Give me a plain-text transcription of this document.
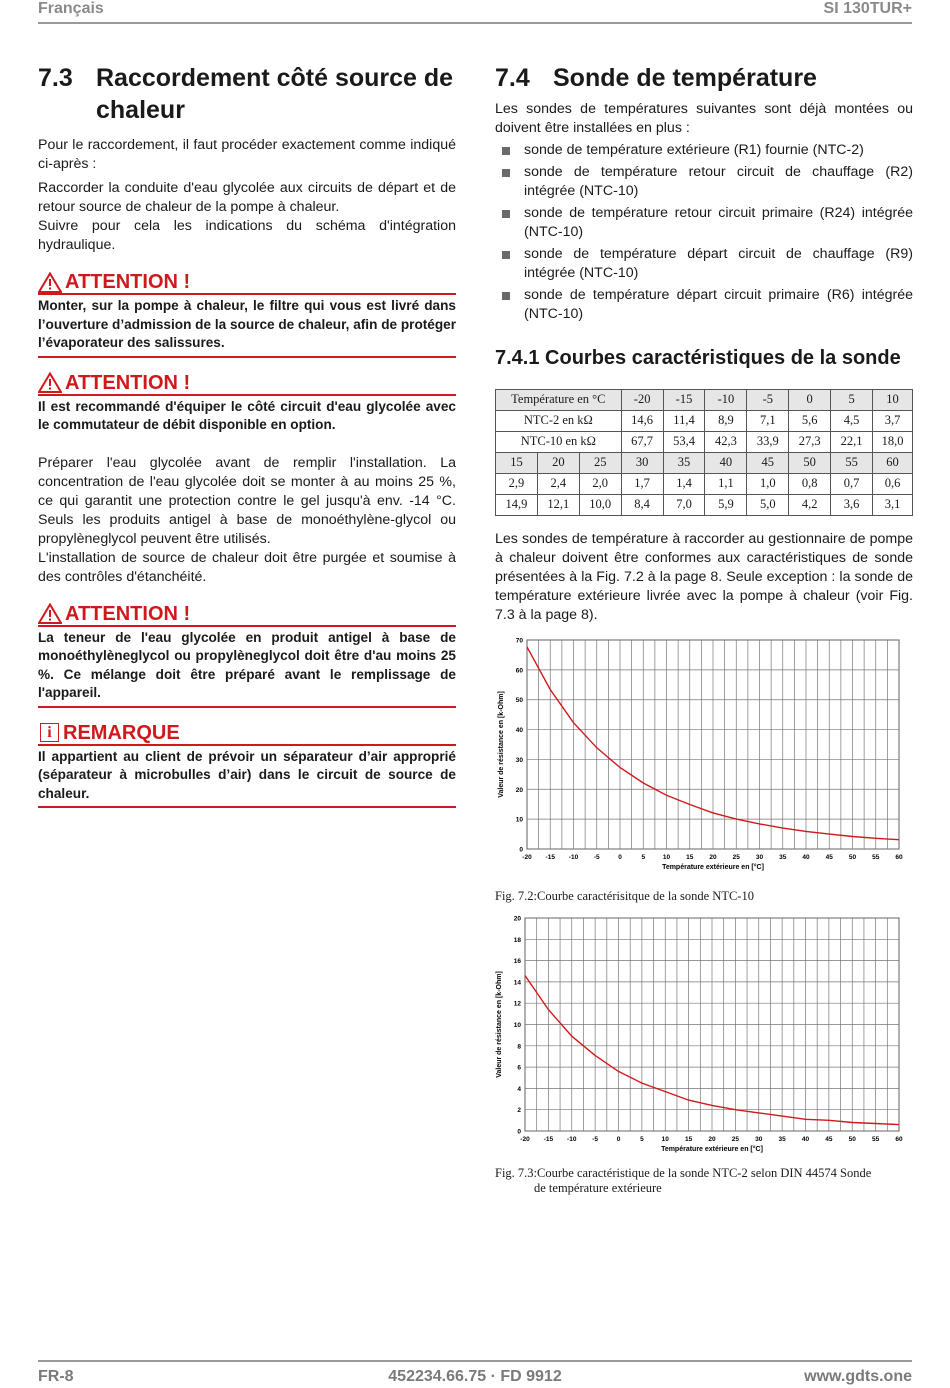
Français	SI 130TUR+
7.3 Raccordement côté source de chaleur

Pour le raccordement, il faut procéder exactement comme indiqué ci-après :

Raccorder la conduite d'eau glycolée aux circuits de départ et de retour source de chaleur de la pompe à chaleur.

Suivre pour cela les indications du schéma d'intégration hydraulique.

ATTENTION !
Monter, sur la pompe à chaleur, le filtre qui vous est livré dans l’ouverture d’admission de la source de chaleur, afin de protéger l’évaporateur des salissures.
ATTENTION !
Il est recommandé d'équiper le côté circuit d'eau glycolée avec le commutateur de débit disponible en option.

Préparer l'eau glycolée avant de remplir l'installation. La concentration de l'eau glycolée doit se monter à au moins 25 %, ce qui garantit une protection contre le gel jusqu'à env. -14 °C. Seuls les produits antigel à base de monoéthylène-glycol ou propylèneglycol peuvent être utilisés.

L'installation de source de chaleur doit être purgée et soumise à des contrôles d'étanchéité.

ATTENTION !
La teneur de l'eau glycolée en produit antigel à base de monoéthylèneglycol ou propylèneglycol doit être d'au moins 25 %. Ce mélange doit être préparé avant le remplissage de l'appareil.
i REMARQUE
Il appartient au client de prévoir un séparateur d’air approprié (séparateur à microbulles d’air) dans le circuit de source de chaleur.
7.4 Sonde de température

Les sondes de températures suivantes sont déjà montées ou doivent être installées en plus :

sonde de température extérieure (R1) fournie (NTC-2)
sonde de température retour circuit de chauffage (R2) intégrée (NTC-10)
sonde de température retour circuit primaire (R24) intégrée (NTC-10)
sonde de température départ circuit de chauffage (R9) intégrée (NTC-10)
sonde de température départ circuit primaire (R6) intégrée (NTC-10)
7.4.1 Courbes caractéristiques de la sonde
Température en °C			-20	-15	-10	-5	0	5	10
NTC-2 en kΩ			14,6	11,4	8,9	7,1	5,6	4,5	3,7
NTC-10 en kΩ			67,7	53,4	42,3	33,9	27,3	22,1	18,0
15	20	25	30	35	40	45	50	55	60
2,9	2,4	2,0	1,7	1,4	1,1	1,0	0,8	0,7	0,6
14,9	12,1	10,0	8,4	7,0	5,9	5,0	4,2	3,6	3,1

Les sondes de température à raccorder au gestionnaire de pompe à chaleur doivent être conformes aux caractéristiques de sonde présentées à la Fig. 7.2 à la page 8. Seule exception : la sonde de température extérieure livrée avec la pompe à chaleur (voir Fig. 7.3 à la page 8).

-20 -15 -10 -5	0	5	10 15 20 25 30 35 40 45 50 55 60
0
10
20
30
40
50
60
70
Température extérieure en [°C]
Valeur de résistance en [k-Ohm]
Fig. 7.2:Courbe caractérisitque de la sonde NTC-10
-20 -15 -10 -5	0	5	10 15 20 25 30 35 40 45 50 55 60
0
2
4
6
8
10
12
14
16
18
20
Température extérieure en [°C]
Valeur de résistance en [k-Ohm]
Fig. 7.3:Courbe caractéristique de la sonde NTC-2 selon DIN 44574 Sonde
de température extérieure
FR-8	452234.66.75 · FD 9912	www.gdts.one
